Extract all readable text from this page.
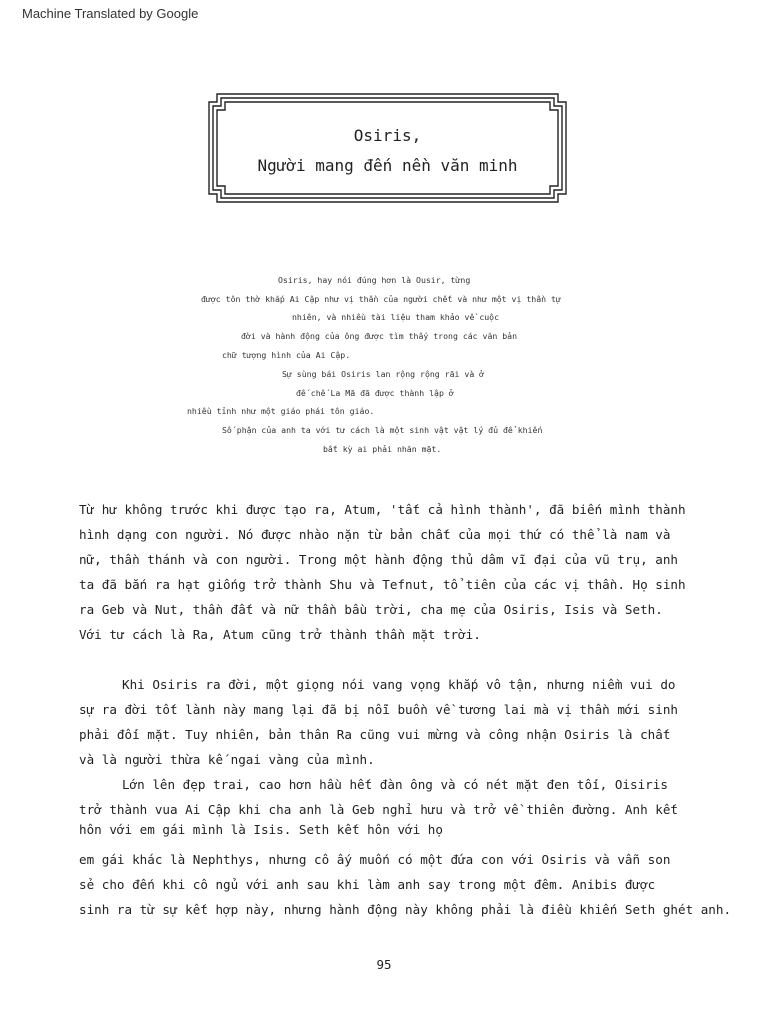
Machine Translated by Google
Osiris,
Người mang đến nền văn minh
Osiris, hay nói đúng hơn là Ousir, từng
được tôn thờ khắp Ai Cập như vị thần của người chết và như một vị thần tự
nhiên, và nhiều tài liệu tham khảo về cuộc
đời và hành động của ông được tìm thấy trong các văn bản
chữ tượng hình của Ai Cập.
Sự sùng bái Osiris lan rộng rộng rãi và ở
đế chế La Mã đã được thành lập ở
nhiều tỉnh như một giáo phái tôn giáo.
Số phận của anh ta với tư cách là một sinh vật vật lý đủ để khiến
bất kỳ ai phải nhăn mặt.
Từ hư không trước khi được tạo ra, Atum, 'tất cả hình thành', đã biến mình thành
hình dạng con người. Nó được nhào nặn từ bản chất của mọi thứ có thể là nam và
nữ, thần thánh và con người. Trong một hành động thủ dâm vĩ đại của vũ trụ, anh
ta đã bắn ra hạt giống trở thành Shu và Tefnut, tổ tiên của các vị thần. Họ sinh
ra Geb và Nut, thần đất và nữ thần bầu trời, cha mẹ của Osiris, Isis và Seth.
Với tư cách là Ra, Atum cũng trở thành thần mặt trời.
Khi Osiris ra đời, một giọng nói vang vọng khắp vô tận, nhưng niềm vui do
sự ra đời tốt lành này mang lại đã bị nỗi buồn về tương lai mà vị thần mới sinh
phải đối mặt. Tuy nhiên, bản thân Ra cũng vui mừng và công nhận Osiris là chất
và là người thừa kế ngai vàng của mình.
Lớn lên đẹp trai, cao hơn hầu hết đàn ông và có nét mặt đen tối, Oisiris
trở thành vua Ai Cập khi cha anh là Geb nghỉ hưu và trở về thiên đường. Anh kết
hôn với em gái mình là Isis. Seth kết hôn với họ
em gái khác là Nephthys, nhưng cô ấy muốn có một đứa con với Osiris và vẫn son
sẻ cho đến khi cô ngủ với anh sau khi làm anh say trong một đêm. Anibis được
sinh ra từ sự kết hợp này, nhưng hành động này không phải là điều khiến Seth ghét anh.
95
